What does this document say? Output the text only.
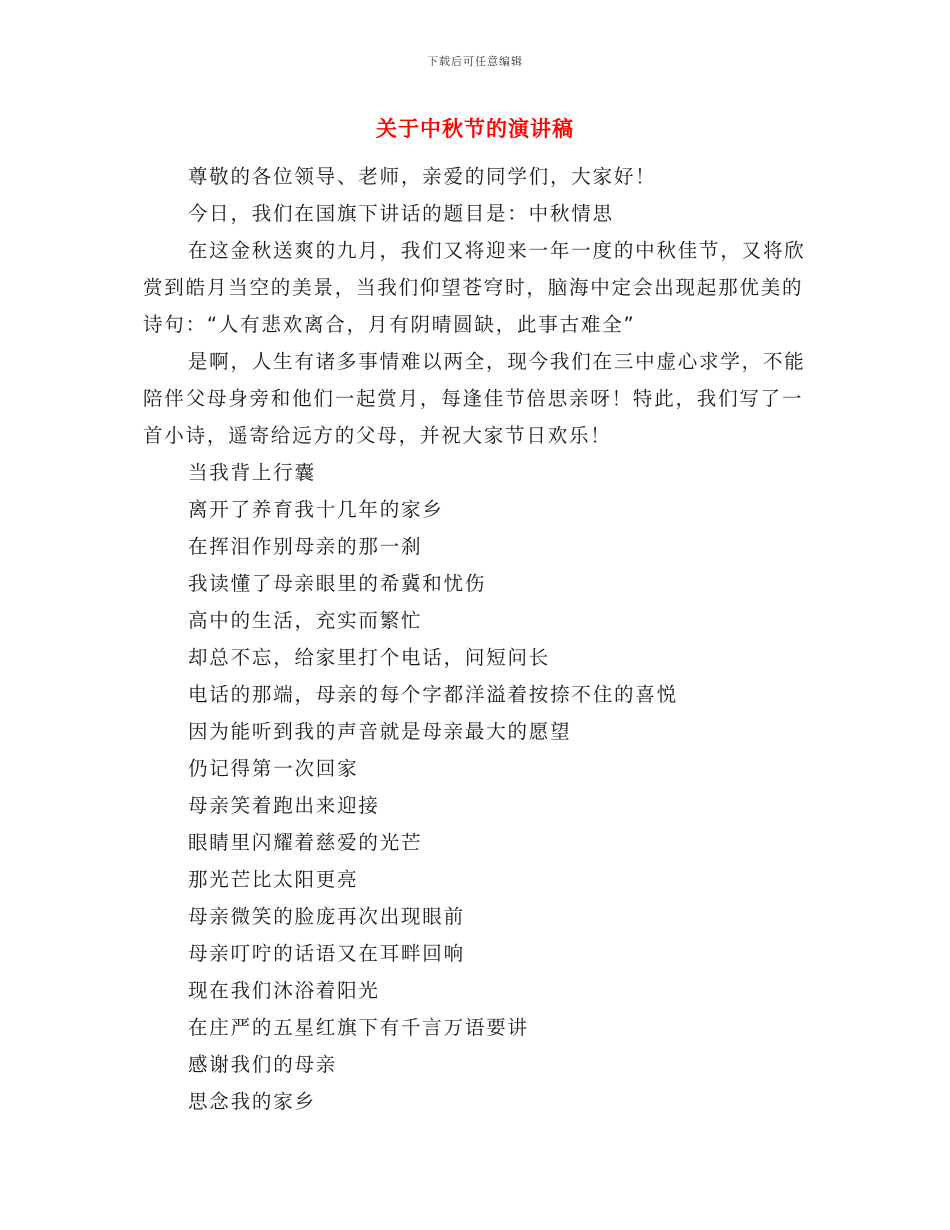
下载后可任意编辑
关于中秋节的演讲稿

尊敬的各位领导、老师，亲爱的同学们，大家好！

今日，我们在国旗下讲话的题目是：中秋情思

在这金秋送爽的九月，我们又将迎来一年一度的中秋佳节，又将欣赏到皓月当空的美景，当我们仰望苍穹时，脑海中定会出现起那优美的诗句：“人有悲欢离合，月有阴晴圆缺，此事古难全”

是啊，人生有诸多事情难以两全，现今我们在三中虚心求学，不能陪伴父母身旁和他们一起赏月，每逢佳节倍思亲呀！特此，我们写了一首小诗，遥寄给远方的父母，并祝大家节日欢乐！

当我背上行囊
离开了养育我十几年的家乡
在挥泪作别母亲的那一刹
我读懂了母亲眼里的希冀和忧伤
高中的生活，充实而繁忙
却总不忘，给家里打个电话，问短问长
电话的那端，母亲的每个字都洋溢着按捺不住的喜悦
因为能听到我的声音就是母亲最大的愿望
仍记得第一次回家
母亲笑着跑出来迎接
眼睛里闪耀着慈爱的光芒
那光芒比太阳更亮
母亲微笑的脸庞再次出现眼前
母亲叮咛的话语又在耳畔回响
现在我们沐浴着阳光
在庄严的五星红旗下有千言万语要讲
感谢我们的母亲
思念我的家乡
